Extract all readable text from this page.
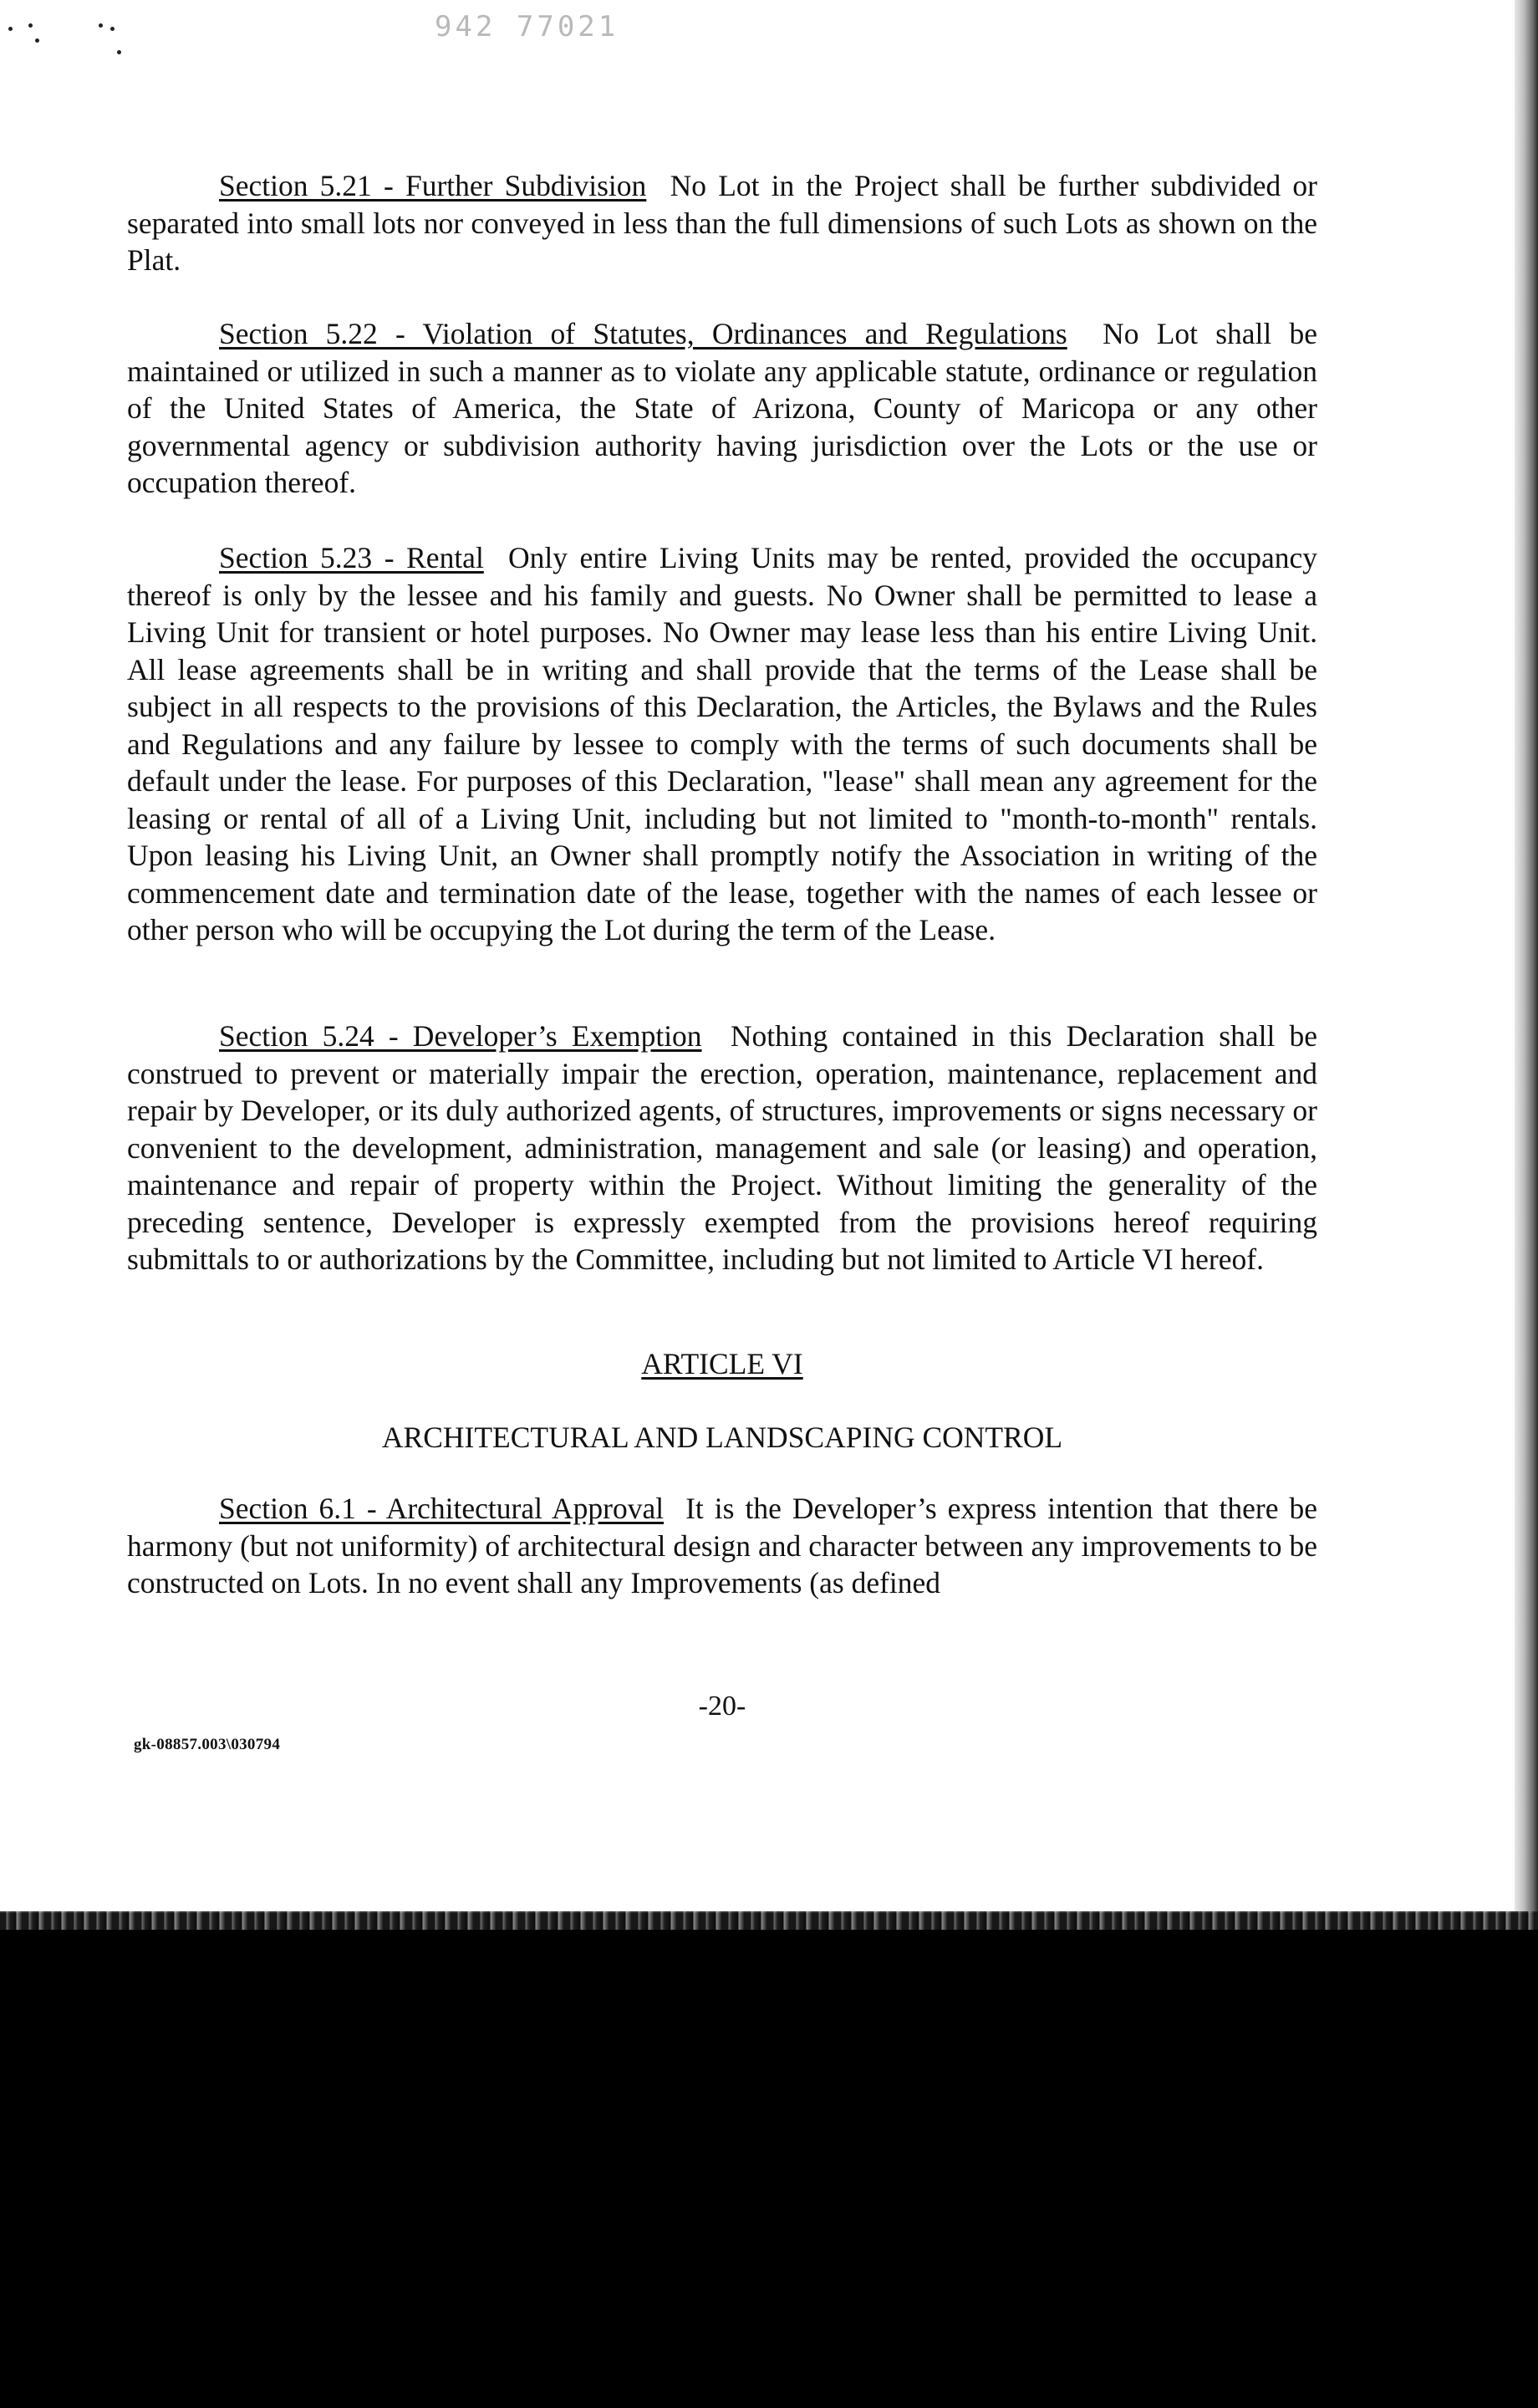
942 77021

Section 5.21 - Further Subdivision No Lot in the Project shall be further subdivided or separated into small lots nor conveyed in less than the full dimensions of such Lots as shown on the Plat.

Section 5.22 - Violation of Statutes, Ordinances and Regulations No Lot shall be maintained or utilized in such a manner as to violate any applicable statute, ordinance or regulation of the United States of America, the State of Arizona, County of Maricopa or any other governmental agency or subdivision authority having jurisdiction over the Lots or the use or occupation thereof.

Section 5.23 - Rental Only entire Living Units may be rented, provided the occupancy thereof is only by the lessee and his family and guests. No Owner shall be permitted to lease a Living Unit for transient or hotel purposes. No Owner may lease less than his entire Living Unit. All lease agreements shall be in writing and shall provide that the terms of the Lease shall be subject in all respects to the provisions of this Declaration, the Articles, the Bylaws and the Rules and Regulations and any failure by lessee to comply with the terms of such documents shall be default under the lease. For purposes of this Declaration, "lease" shall mean any agreement for the leasing or rental of all of a Living Unit, including but not limited to "month-to-month" rentals. Upon leasing his Living Unit, an Owner shall promptly notify the Association in writing of the commencement date and termination date of the lease, together with the names of each lessee or other person who will be occupying the Lot during the term of the Lease.

Section 5.24 - Developer’s Exemption Nothing contained in this Declaration shall be construed to prevent or materially impair the erection, operation, maintenance, replacement and repair by Developer, or its duly authorized agents, of structures, improvements or signs necessary or convenient to the development, administration, management and sale (or leasing) and operation, maintenance and repair of property within the Project. Without limiting the generality of the preceding sentence, Developer is expressly exempted from the provisions hereof requiring submittals to or authorizations by the Committee, including but not limited to Article VI hereof.

ARTICLE VI

ARCHITECTURAL AND LANDSCAPING CONTROL

Section 6.1 - Architectural Approval It is the Developer’s express intention that there be harmony (but not uniformity) of architectural design and character between any improvements to be constructed on Lots. In no event shall any Improvements (as defined

-20-
gk-08857.003\030794
